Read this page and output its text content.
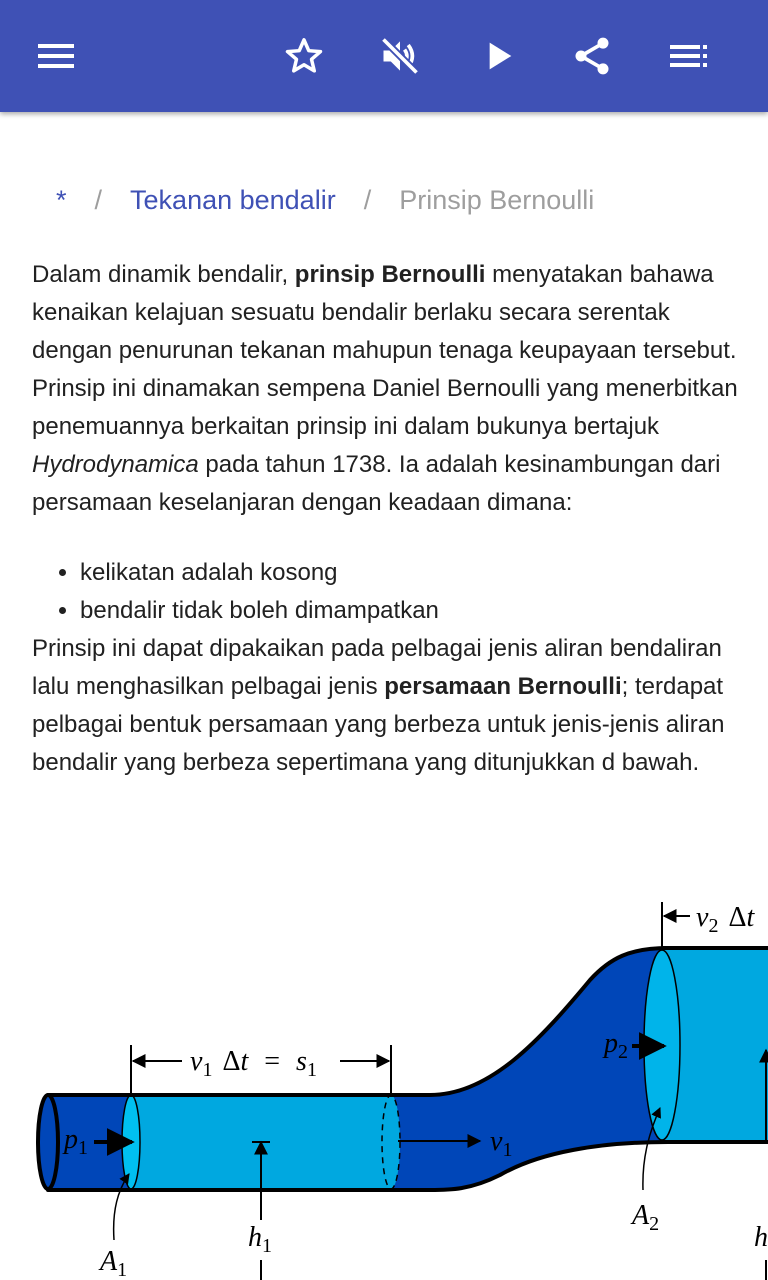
* / Tekanan bendalir / Prinsip Bernoulli

Dalam dinamik bendalir, prinsip Bernoulli menyatakan bahawa kenaikan kelajuan sesuatu bendalir berlaku secara serentak dengan penurunan tekanan mahupun tenaga keupayaan tersebut. Prinsip ini dinamakan sempena Daniel Bernoulli yang menerbitkan penemuannya berkaitan prinsip ini dalam bukunya bertajuk Hydrodynamica pada tahun 1738. Ia adalah kesinambungan dari persamaan keselanjaran dengan keadaan dimana:

• kelikatan adalah kosong
• bendalir tidak boleh dimampatkan

Prinsip ini dapat dipakaikan pada pelbagai jenis aliran bendaliran lalu menghasilkan pelbagai jenis persamaan Bernoulli; terdapat pelbagai bentuk persamaan yang berbeza untuk jenis-jenis aliran bendalir yang berbeza sepertimana yang ditunjukkan d bawah.

$v_1$ $\Delta t = s_1$
$v_2$ Δt
$p_1$
$p_2$
$v_1$
$h_1$	h
$A_1$
$A_2$
